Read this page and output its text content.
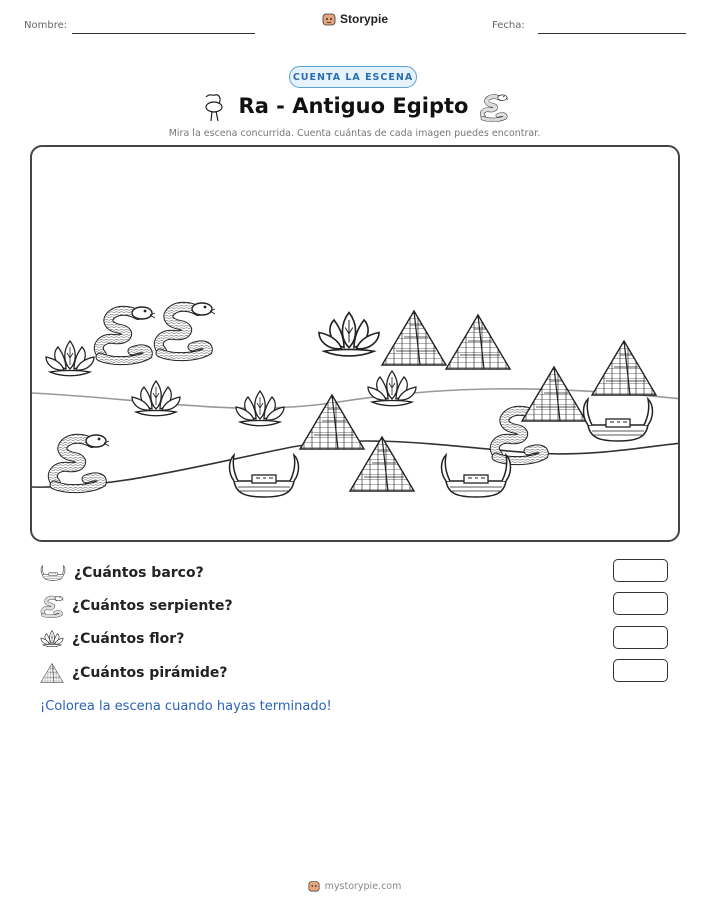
Nombre:	Storypie	Fecha:
CUENTA LA ESCENA
Ra - Antiguo Egipto
Mira la escena concurrida. Cuenta cuántas de cada imagen puedes encontrar.
¿Cuántos barco?
¿Cuántos serpiente?
¿Cuántos flor?
¿Cuántos pirámide?
¡Colorea la escena cuando hayas terminado!
mystorypie.com
